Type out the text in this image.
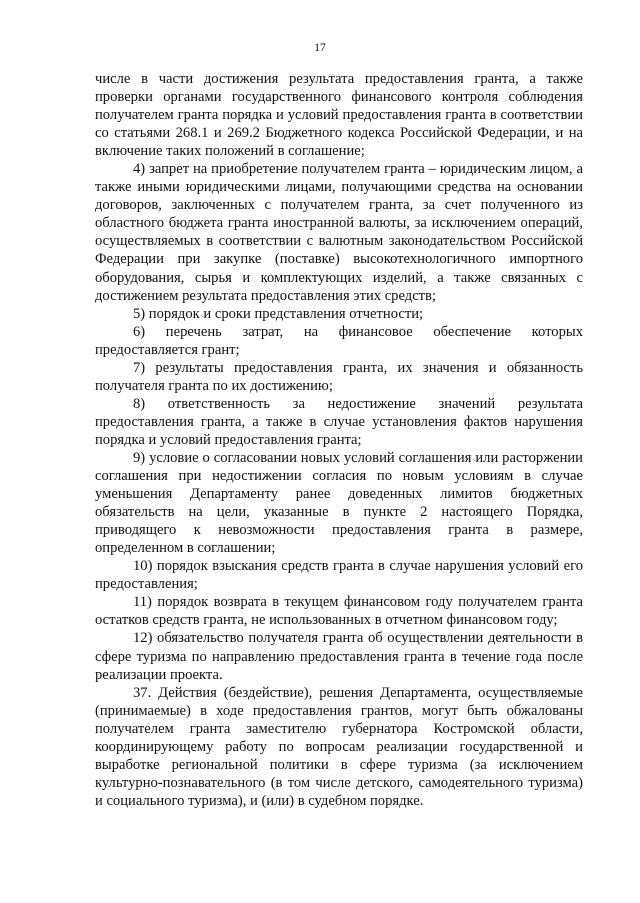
17

числе в части достижения результата предоставления гранта, а также проверки органами государственного финансового контроля соблюдения получателем гранта порядка и условий предоставления гранта в соответствии со статьями 268.1 и 269.2 Бюджетного кодекса Российской Федерации, и на включение таких положений в соглашение;

4) запрет на приобретение получателем гранта – юридическим лицом, а также иными юридическими лицами, получающими средства на основании договоров, заключенных с получателем гранта, за счет полученного из областного бюджета гранта иностранной валюты, за исключением операций, осуществляемых в соответствии с валютным законодательством Российской Федерации при закупке (поставке) высокотехнологичного импортного оборудования, сырья и комплектующих изделий, а также связанных с достижением результата предоставления этих средств;

5) порядок и сроки представления отчетности;

6) перечень затрат, на финансовое обеспечение которых предоставляется грант;

7) результаты предоставления гранта, их значения и обязанность получателя гранта по их достижению;

8) ответственность за недостижение значений результата предоставления гранта, а также в случае установления фактов нарушения порядка и условий предоставления гранта;

9) условие о согласовании новых условий соглашения или расторжении соглашения при недостижении согласия по новым условиям в случае уменьшения Департаменту ранее доведенных лимитов бюджетных обязательств на цели, указанные в пункте 2 настоящего Порядка, приводящего к невозможности предоставления гранта в размере, определенном в соглашении;

10) порядок взыскания средств гранта в случае нарушения условий его предоставления;

11) порядок возврата в текущем финансовом году получателем гранта остатков средств гранта, не использованных в отчетном финансовом году;

12) обязательство получателя гранта об осуществлении деятельности в сфере туризма по направлению предоставления гранта в течение года после реализации проекта.

37. Действия (бездействие), решения Департамента, осуществляемые (принимаемые) в ходе предоставления грантов, могут быть обжалованы получателем гранта заместителю губернатора Костромской области, координирующему работу по вопросам реализации государственной и выработке региональной политики в сфере туризма (за исключением культурно-познавательного (в том числе детского, самодеятельного туризма) и социального туризма), и (или) в судебном порядке.
